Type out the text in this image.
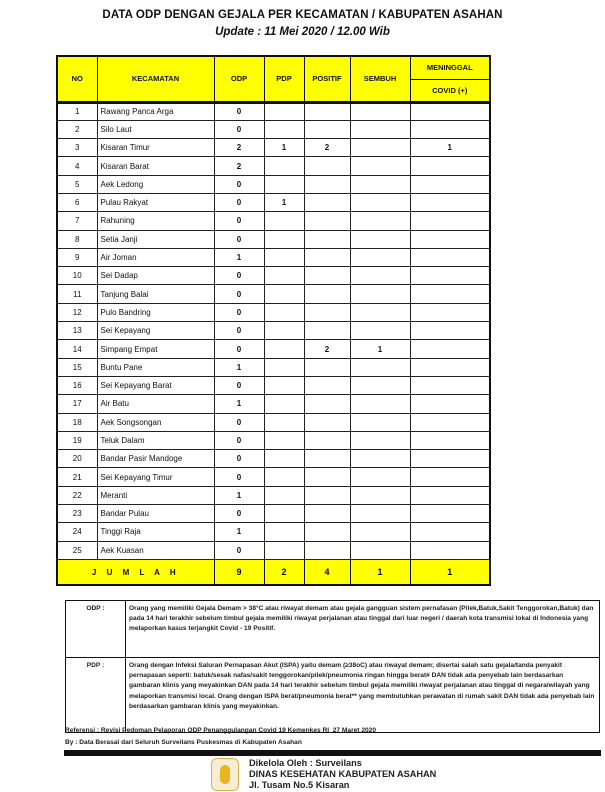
DATA ODP DENGAN GEJALA PER KECAMATAN / KABUPATEN ASAHAN
Update : 11 Mei 2020 / 12.00 Wib
NO	KECAMATAN	ODP	PDP	POSITIF	SEMBUH	MENINGGAL
						COVID (+)
1	Rawang Panca Arga	0				
2	Silo Laut	0				
3	Kisaran Timur	2	1	2		1
4	Kisaran Barat	2				
5	Aek Ledong	0				
6	Pulau Rakyat	0	1			
7	Rahuning	0				
8	Setia Janji	0				
9	Air Joman	1				
10	Sei Dadap	0				
11	Tanjung Balai	0				
12	Pulo Bandring	0				
13	Sei Kepayang	0				
14	Simpang Empat	0		2	1	
15	Buntu Pane	1				
16	Sei Kepayang Barat	0				
17	Air Batu	1				
18	Aek Songsongan	0				
19	Teluk Dalam	0				
20	Bandar Pasir Mandoge	0				
21	Sei Kepayang Timur	0				
22	Meranti	1				
23	Bandar Pulau	0				
24	Tinggi Raja	1				
25	Aek Kuasan	0				
J U M L A H		9	2	4	1	1
ODP :	Orang yang memiliki Gejala Demam > 38°C atau riwayat demam atau gejala gangguan sistem pernafasan (Pilek,Batuk,Sakit Tenggorokan,Batuk) dan pada 14 hari terakhir sebelum timbul gejala memiliki riwayat perjalanan atau tinggal dari luar negeri / daerah kota transmisi lokal di Indonesia yang melaporkan kasus terjangkit Covid - 19 Positif.
PDP :	Orang dengan Infeksi Saluran Pernapasan Akut (ISPA) yaitu demam (≥38oC) atau riwayat demam; disertai salah satu gejala/tanda penyakit pernapasan seperti: batuk/sesak nafas/sakit tenggorokan/pilek/pneumonia ringan hingga berat# DAN tidak ada penyebab lain berdasarkan gambaran klinis yang meyakinkan DAN pada 14 hari terakhir sebelum timbul gejala memiliki riwayat perjalanan atau tinggal di negara/wilayah yang melaporkan transmisi local. Orang dengan ISPA berat/pneumonia berat** yang membutuhkan perawatan di rumah sakit DAN tidak ada penyebab lain berdasarkan gambaran klinis yang meyakinkan.
Referensi : Revisi Pedoman Pelaporan ODP Penanggulangan Covid 19 Kemenkes RI_27 Maret 2020
By : Data Berasal dari Seluruh Surveilans Puskesmas di Kabupaten Asahan
Dikelola Oleh : Surveilans
DINAS KESEHATAN KABUPATEN ASAHAN
Jl. Tusam No.5 Kisaran
